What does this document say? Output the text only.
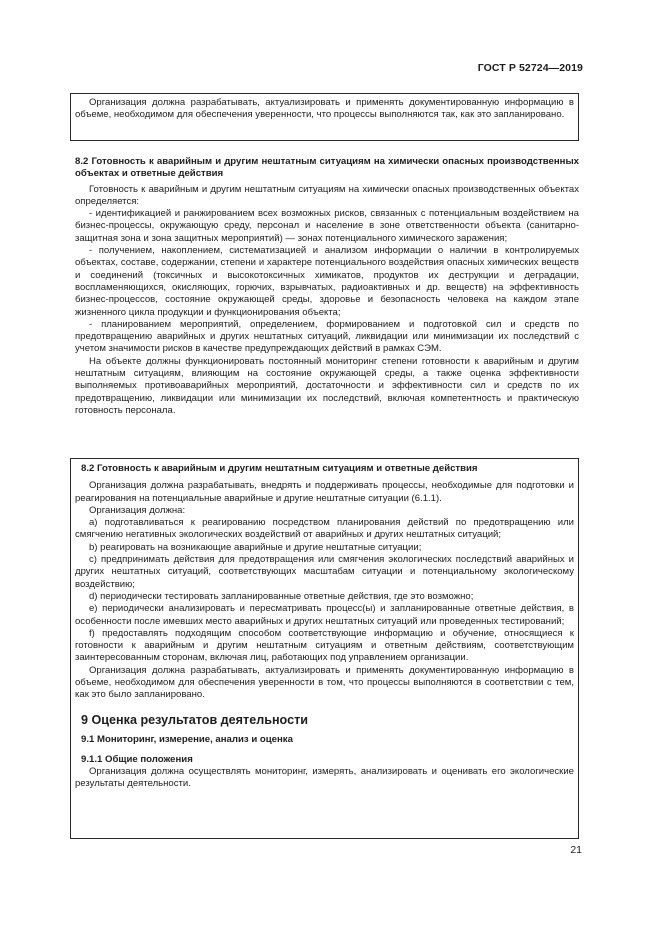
ГОСТ Р 52724—2019

Организация должна разрабатывать, актуализировать и применять документированную информацию в объеме, необходимом для обеспечения уверенности, что процессы выполняются так, как это запланировано.

8.2 Готовность к аварийным и другим нештатным ситуациям на химически опасных производственных объектах и ответные действия

Готовность к аварийным и другим нештатным ситуациям на химически опасных производственных объектах определяется:

- идентификацией и ранжированием всех возможных рисков, связанных с потенциальным воздействием на бизнес-процессы, окружающую среду, персонал и население в зоне ответственности объекта (санитарно-защитная зона и зона защитных мероприятий) — зонах потенциального химического заражения;

- получением, накоплением, систематизацией и анализом информации о наличии в контролируемых объектах, составе, содержании, степени и характере потенциального воздействия опасных химических веществ и соединений (токсичных и высокотоксичных химикатов, продуктов их деструкции и деградации, воспламеняющихся, окисляющих, горючих, взрывчатых, радиоактивных и др. веществ) на эффективность бизнес-процессов, состояние окружающей среды, здоровье и безопасность человека на каждом этапе жизненного цикла продукции и функционирования объекта;

- планированием мероприятий, определением, формированием и подготовкой сил и средств по предотвращению аварийных и других нештатных ситуаций, ликвидации или минимизации их последствий с учетом значимости рисков в качестве предупреждающих действий в рамках СЭМ.

На объекте должны функционировать постоянный мониторинг степени готовности к аварийным и другим нештатным ситуациям, влияющим на состояние окружающей среды, а также оценка эффективности выполняемых противоаварийных мероприятий, достаточности и эффективности сил и средств по их предотвращению, ликвидации или минимизации их последствий, включая компетентность и практическую готовность персонала.

8.2 Готовность к аварийным и другим нештатным ситуациям и ответные действия

Организация должна разрабатывать, внедрять и поддерживать процессы, необходимые для подготовки и реагирования на потенциальные аварийные и другие нештатные ситуации (6.1.1).

Организация должна:

a) подготавливаться к реагированию посредством планирования действий по предотвращению или смягчению негативных экологических воздействий от аварийных и других нештатных ситуаций;

b) реагировать на возникающие аварийные и другие нештатные ситуации;

c) предпринимать действия для предотвращения или смягчения экологических последствий аварийных и других нештатных ситуаций, соответствующих масштабам ситуации и потенциальному экологическому воздействию;

d) периодически тестировать запланированные ответные действия, где это возможно;

e) периодически анализировать и пересматривать процесс(ы) и запланированные ответные действия, в особенности после имевших место аварийных и других нештатных ситуаций или проведенных тестирований;

f) предоставлять подходящим способом соответствующие информацию и обучение, относящиеся к готовности к аварийным и другим нештатным ситуациям и ответным действиям, соответствующим заинтересованным сторонам, включая лиц, работающих под управлением организации.

Организация должна разрабатывать, актуализировать и применять документированную информацию в объеме, необходимом для обеспечения уверенности в том, что процессы выполняются в соответствии с тем, как это было запланировано.

9 Оценка результатов деятельности
9.1 Мониторинг, измерение, анализ и оценка
9.1.1 Общие положения

Организация должна осуществлять мониторинг, измерять, анализировать и оценивать его экологические результаты деятельности.

21
